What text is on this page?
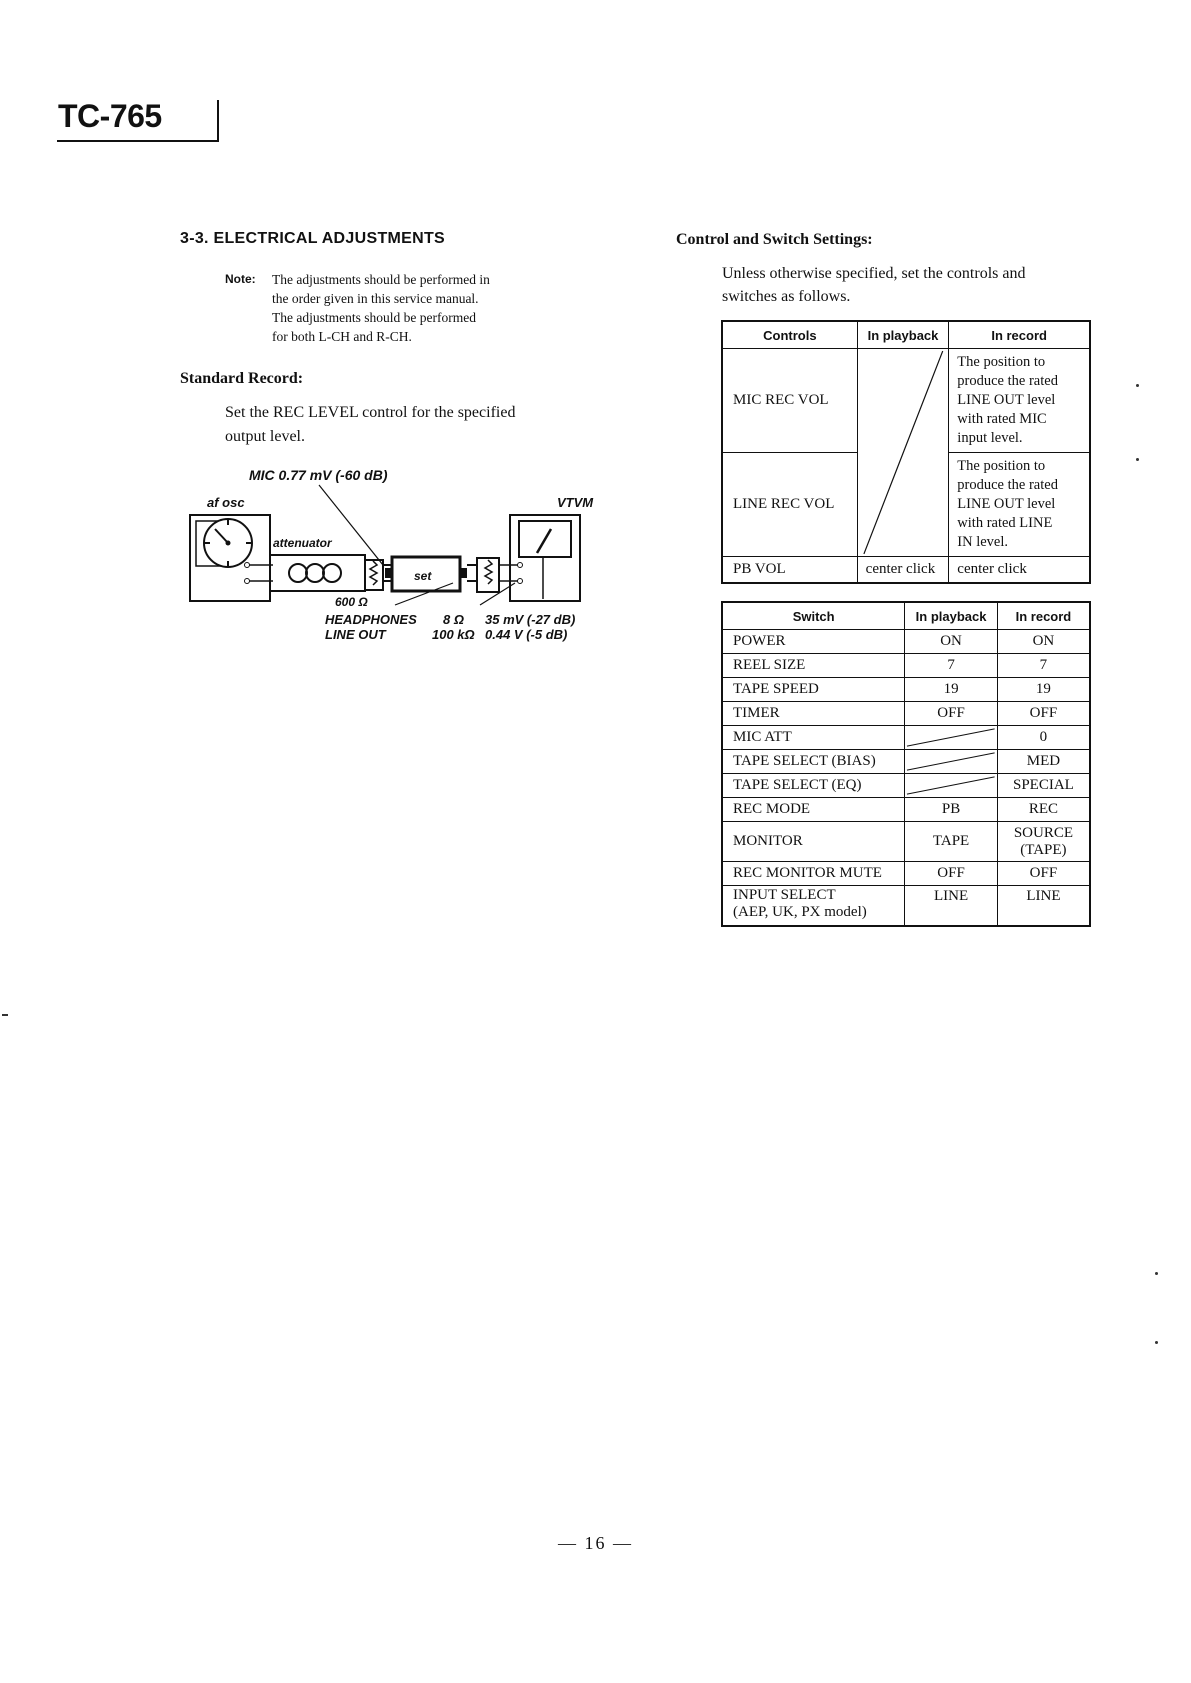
TC-765
3-3. ELECTRICAL ADJUSTMENTS
Note: The adjustments should be performed in
the order given in this service manual.
The adjustments should be performed
for both L-CH and R-CH.
Standard Record:
Set the REC LEVEL control for the specified
output level.
MIC 0.77 mV (-60 dB)
af osc	VTVM
attenuator
600 Ω
set
HEADPHONES 8 Ω 35 mV (-27 dB)
LINE OUT	100 kΩ 0.44 V (-5 dB)
Control and Switch Settings:
Unless otherwise specified, set the controls and
switches as follows.
Controls	In playback	In record
MIC REC VOL		The position to
produce the rated
LINE OUT level
with rated MIC
input level.

LINE REC VOL		The position to
produce the rated
LINE OUT level
with rated LINE
IN level.

PB VOL	center click	center click
Switch	In playback	In record
POWER	ON	ON
REEL SIZE	7	7
TAPE SPEED	19	19
TIMER	OFF	OFF
MIC ATT		0
TAPE SELECT (BIAS)		MED
TAPE SELECT (EQ)		SPECIAL
REC MODE	PB	REC
MONITOR	TAPE	SOURCE
(TAPE)

REC MONITOR MUTE	OFF	OFF

INPUT SELECT
(AEP, UK, PX model)	LINE	LINE
— 16 —
